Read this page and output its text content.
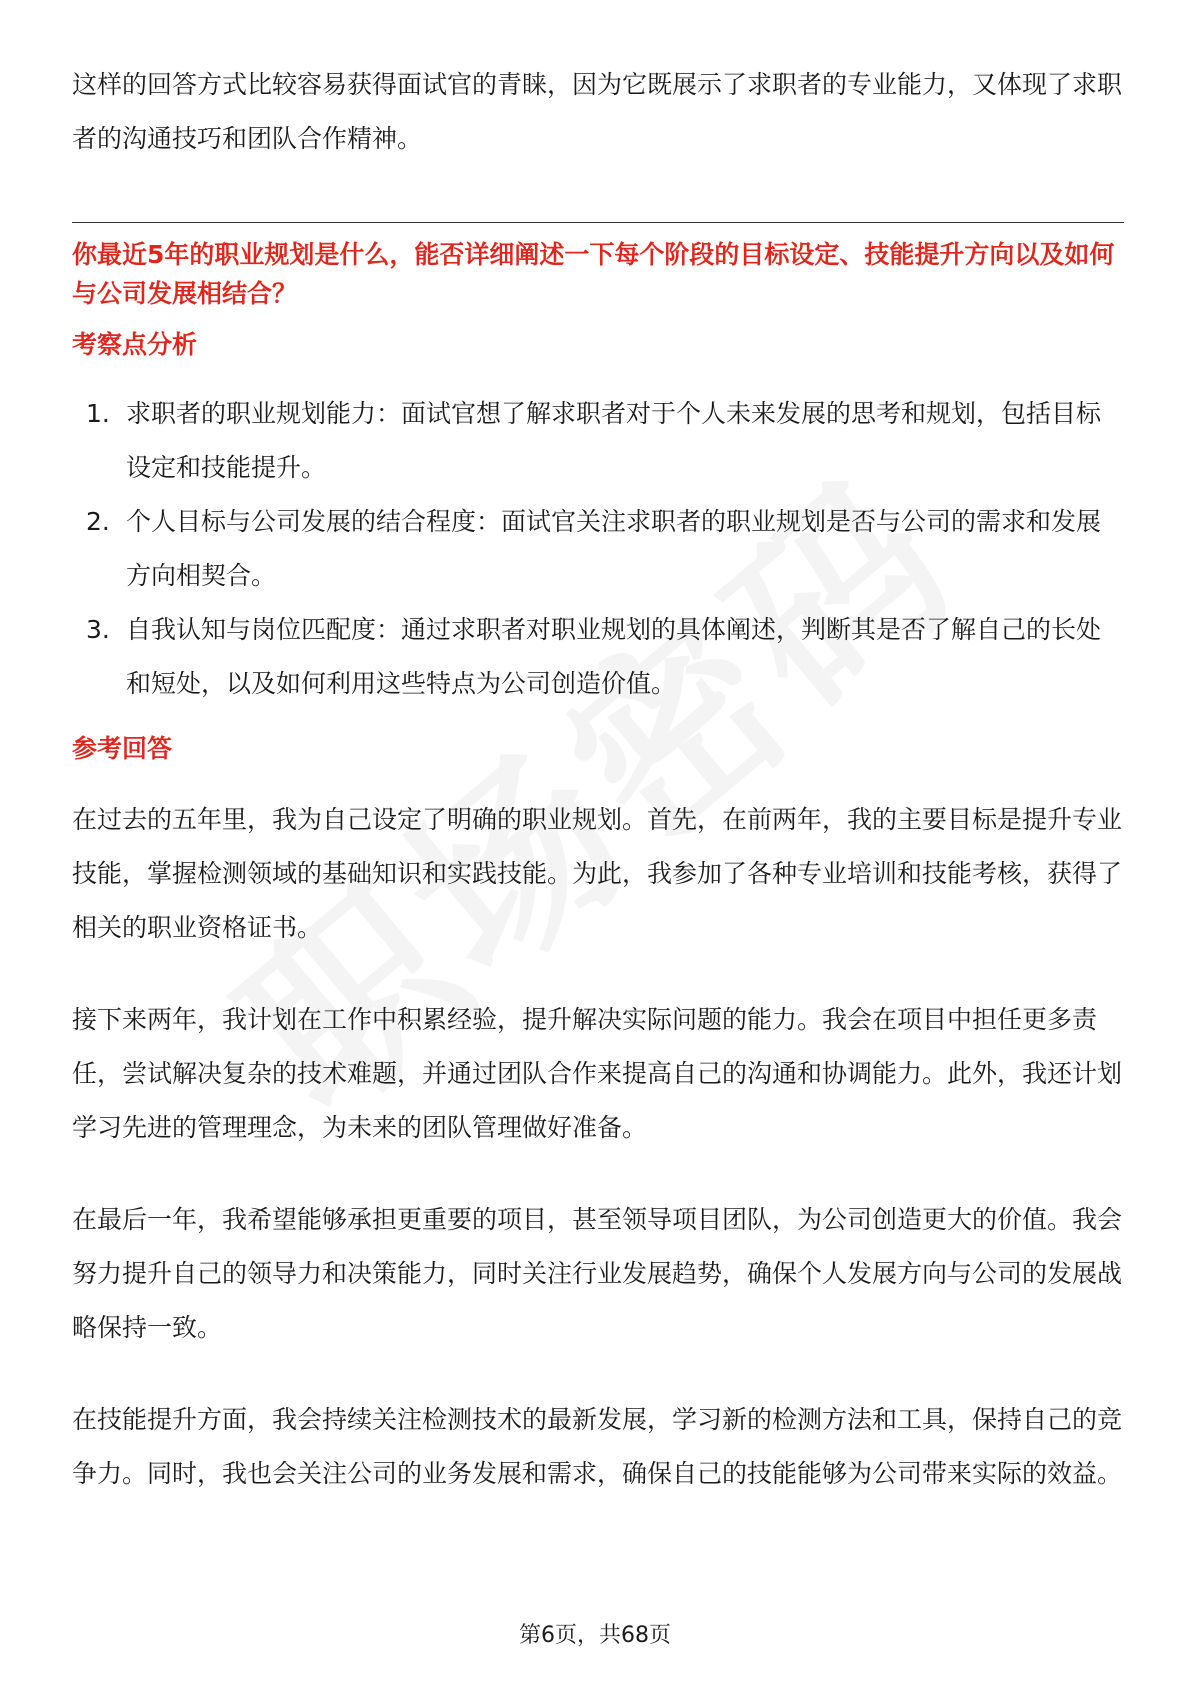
这样的回答方式比较容易获得面试官的青睐，因为它既展示了求职者的专业能力，又体现了求职者的沟通技巧和团队合作精神。

你最近5年的职业规划是什么，能否详细阐述一下每个阶段的目标设定、技能提升方向以及如何与公司发展相结合？

考察点分析
1. 求职者的职业规划能力：面试官想了解求职者对于个人未来发展的思考和规划，包括目标设定和技能提升。
2. 个人目标与公司发展的结合程度：面试官关注求职者的职业规划是否与公司的需求和发展方向相契合。
3. 自我认知与岗位匹配度：通过求职者对职业规划的具体阐述，判断其是否了解自己的长处和短处，以及如何利用这些特点为公司创造价值。
参考回答

在过去的五年里，我为自己设定了明确的职业规划。首先，在前两年，我的主要目标是提升专业技能，掌握检测领域的基础知识和实践技能。为此，我参加了各种专业培训和技能考核，获得了相关的职业资格证书。

接下来两年，我计划在工作中积累经验，提升解决实际问题的能力。我会在项目中担任更多责任，尝试解决复杂的技术难题，并通过团队合作来提高自己的沟通和协调能力。此外，我还计划学习先进的管理理念，为未来的团队管理做好准备。

在最后一年，我希望能够承担更重要的项目，甚至领导项目团队，为公司创造更大的价值。我会努力提升自己的领导力和决策能力，同时关注行业发展趋势，确保个人发展方向与公司的发展战略保持一致。

在技能提升方面，我会持续关注检测技术的最新发展，学习新的检测方法和工具，保持自己的竞争力。同时，我也会关注公司的业务发展和需求，确保自己的技能能够为公司带来实际的效益。

第6页，共68页
